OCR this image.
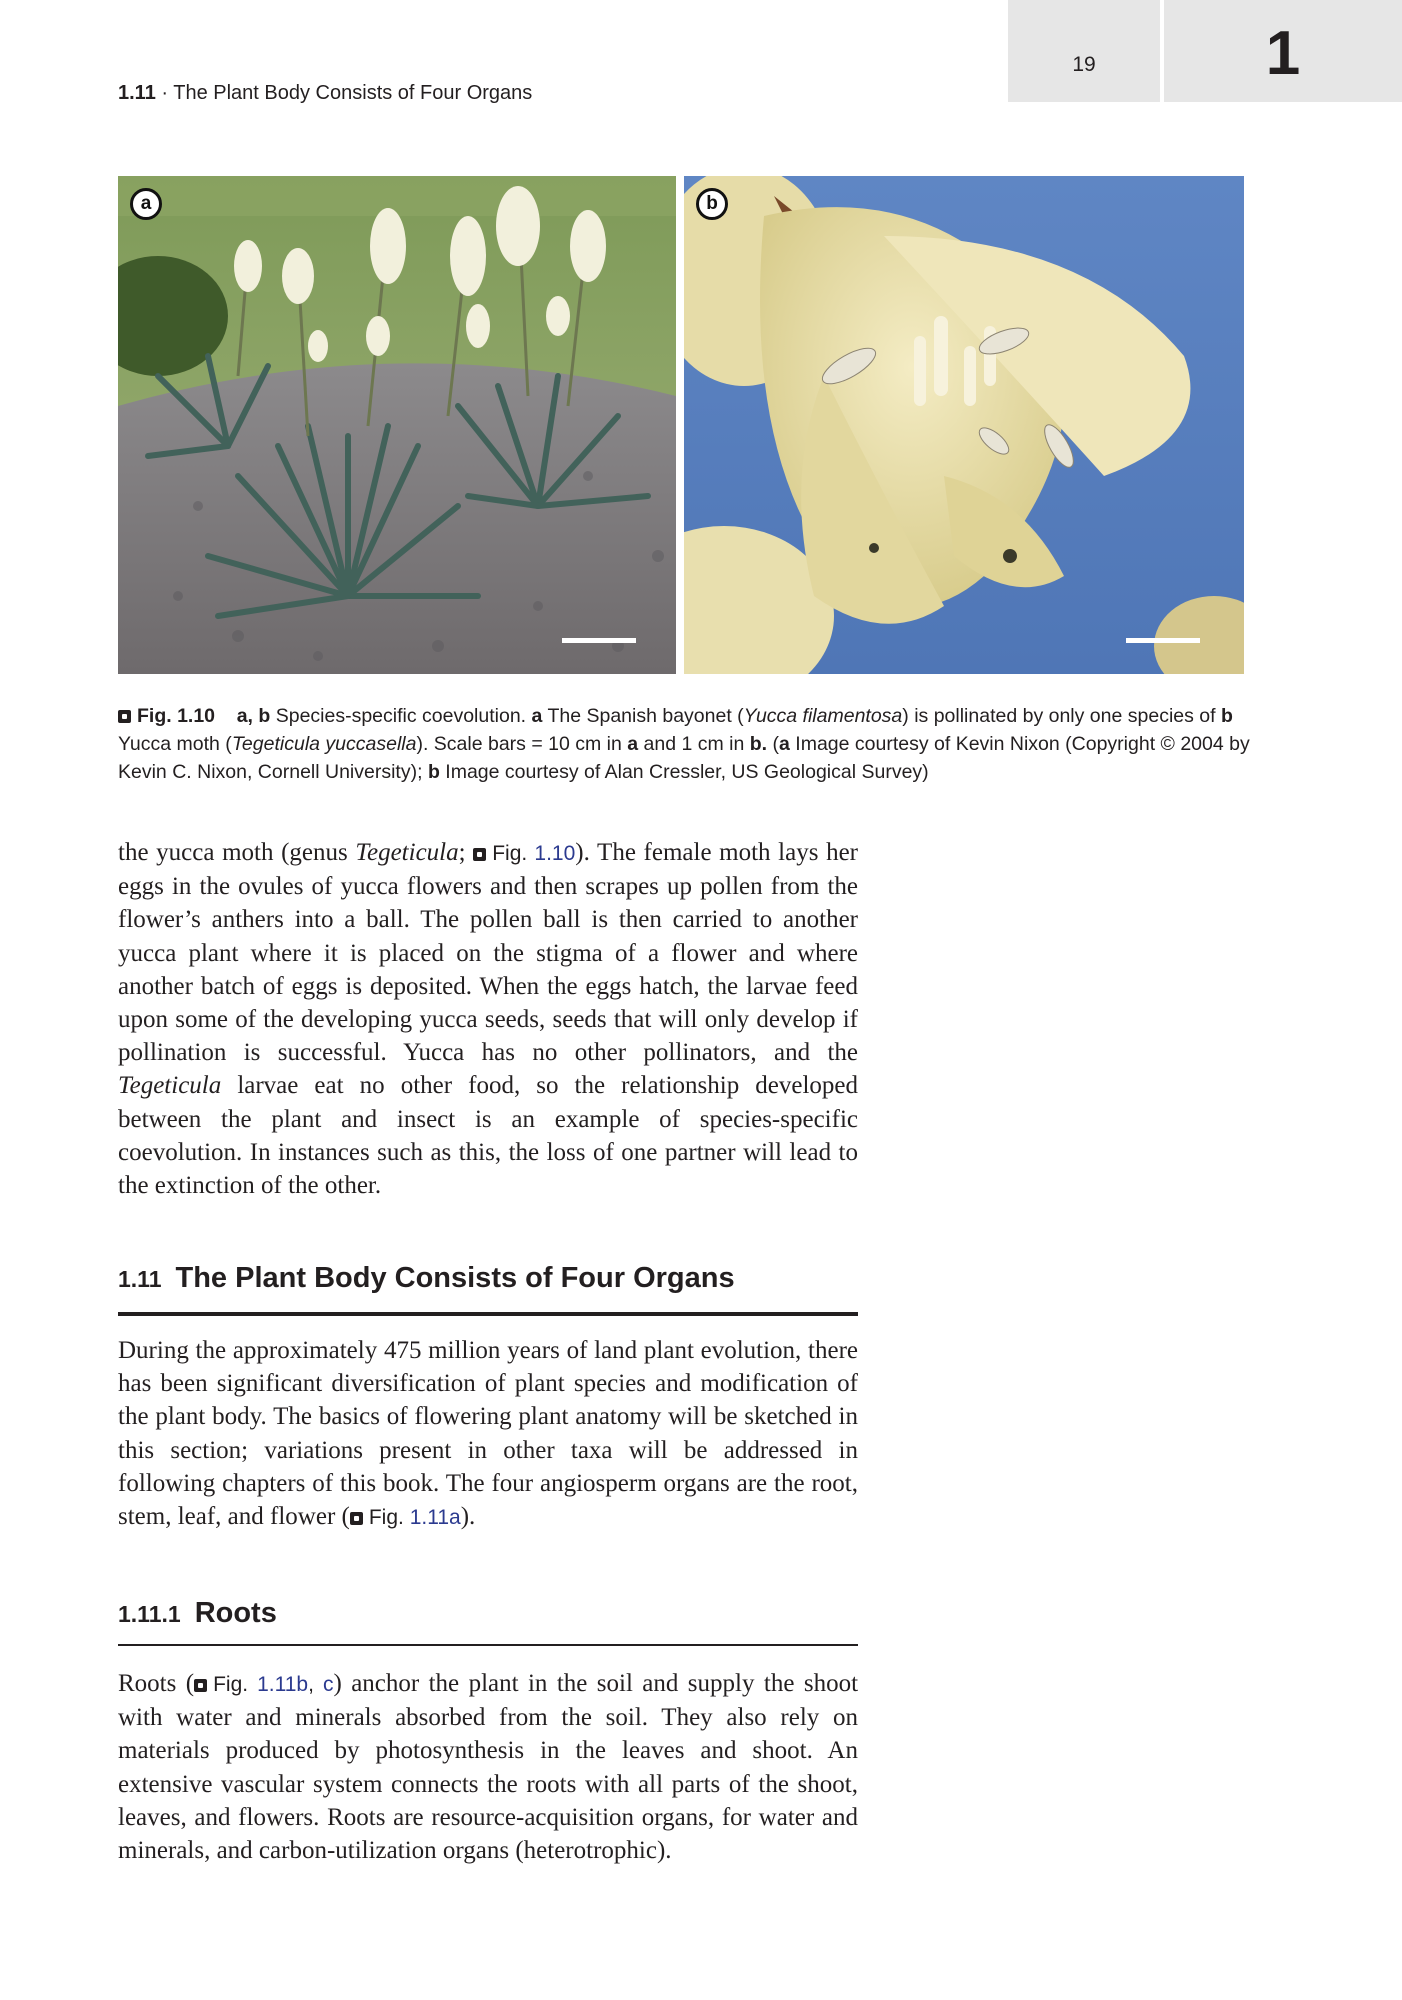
19	1
1.11 · The Plant Body Consists of Four Organs
a	b
Fig. 1.10 a, b Species-specific coevolution. a The Spanish bayonet (Yucca filamentosa) is pollinated by only one species of b Yucca moth (Tegeticula yuccasella). Scale bars = 10 cm in a and 1 cm in b. (a Image courtesy of Kevin Nixon (Copyright © 2004 by Kevin C. Nixon, Cornell University); b Image courtesy of Alan Cressler, US Geological Survey)
the yucca moth (genus Tegeticula; Fig. 1.10). The female moth lays her eggs in the ovules of yucca flowers and then scrapes up pollen from the flower’s anthers into a ball. The pollen ball is then carried to another yucca plant where it is placed on the stigma of a flower and where another batch of eggs is deposited. When the eggs hatch, the larvae feed upon some of the developing yucca seeds, seeds that will only develop if pollination is successful. Yucca has no other pollinators, and the Tegeticula larvae eat no other food, so the relationship developed between the plant and insect is an example of species-specific coevolution. In instances such as this, the loss of one partner will lead to the extinction of the other.
1.11 The Plant Body Consists of Four Organs
During the approximately 475 million years of land plant evolution, there has been significant diversification of plant species and modification of the plant body. The basics of flowering plant anatomy will be sketched in this section; variations present in other taxa will be addressed in following chapters of this book. The four angiosperm organs are the root, stem, leaf, and flower ( Fig. 1.11a).
1.11.1 Roots
Roots ( Fig. 1.11b, c) anchor the plant in the soil and supply the shoot with water and minerals absorbed from the soil. They also rely on materials produced by photosynthesis in the leaves and shoot. An extensive vascular system connects the roots with all parts of the shoot, leaves, and flowers. Roots are resource-acquisition organs, for water and minerals, and carbon-utilization organs (heterotrophic).
